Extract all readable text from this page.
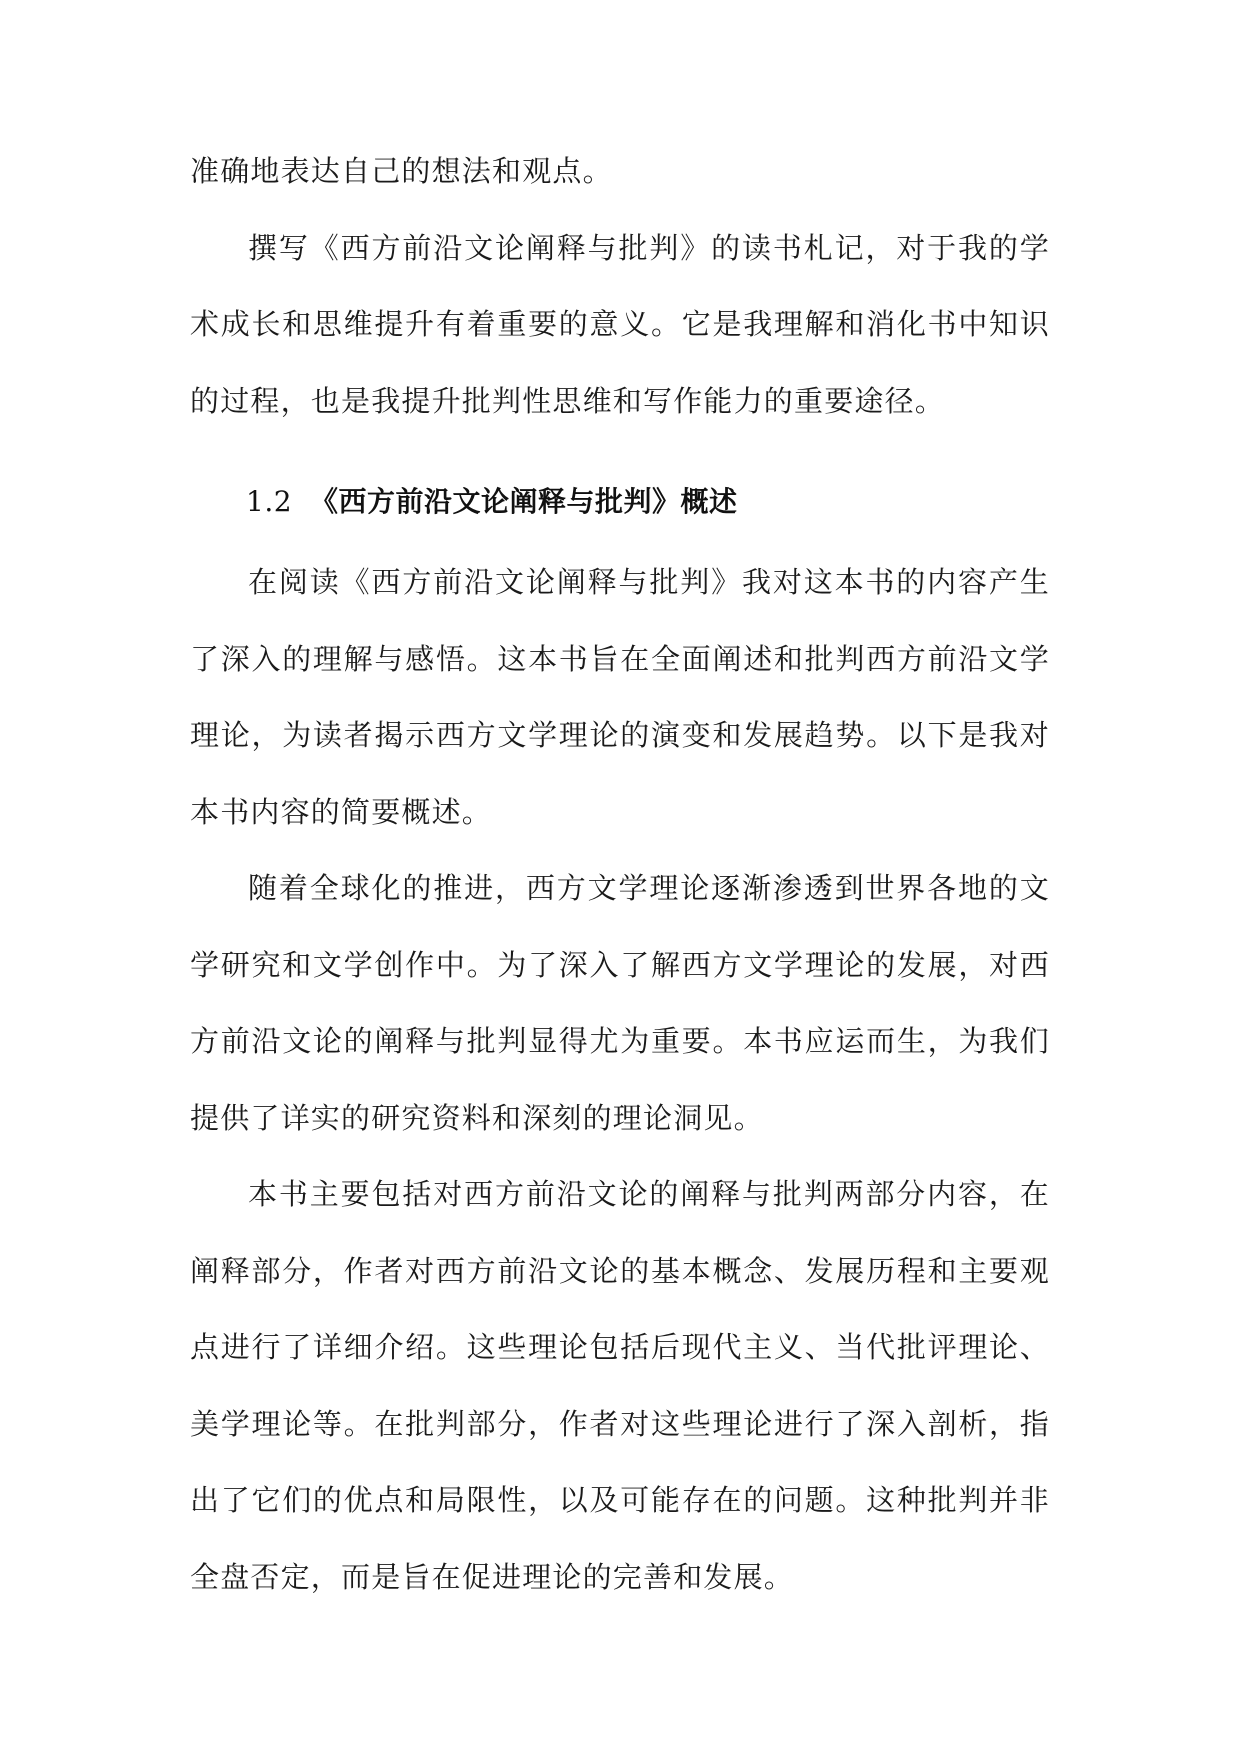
准确地表达自己的想法和观点。

撰写《西方前沿文论阐释与批判》的读书札记，对于我的学术成长和思维提升有着重要的意义。它是我理解和消化书中知识的过程，也是我提升批判性思维和写作能力的重要途径。

1.2 《西方前沿文论阐释与批判》概述

在阅读《西方前沿文论阐释与批判》我对这本书的内容产生了深入的理解与感悟。这本书旨在全面阐述和批判西方前沿文学理论，为读者揭示西方文学理论的演变和发展趋势。以下是我对本书内容的简要概述。

随着全球化的推进，西方文学理论逐渐渗透到世界各地的文学研究和文学创作中。为了深入了解西方文学理论的发展，对西方前沿文论的阐释与批判显得尤为重要。本书应运而生，为我们提供了详实的研究资料和深刻的理论洞见。

本书主要包括对西方前沿文论的阐释与批判两部分内容，在阐释部分，作者对西方前沿文论的基本概念、发展历程和主要观点进行了详细介绍。这些理论包括后现代主义、当代批评理论、美学理论等。在批判部分，作者对这些理论进行了深入剖析，指出了它们的优点和局限性，以及可能存在的问题。这种批判并非全盘否定，而是旨在促进理论的完善和发展。
